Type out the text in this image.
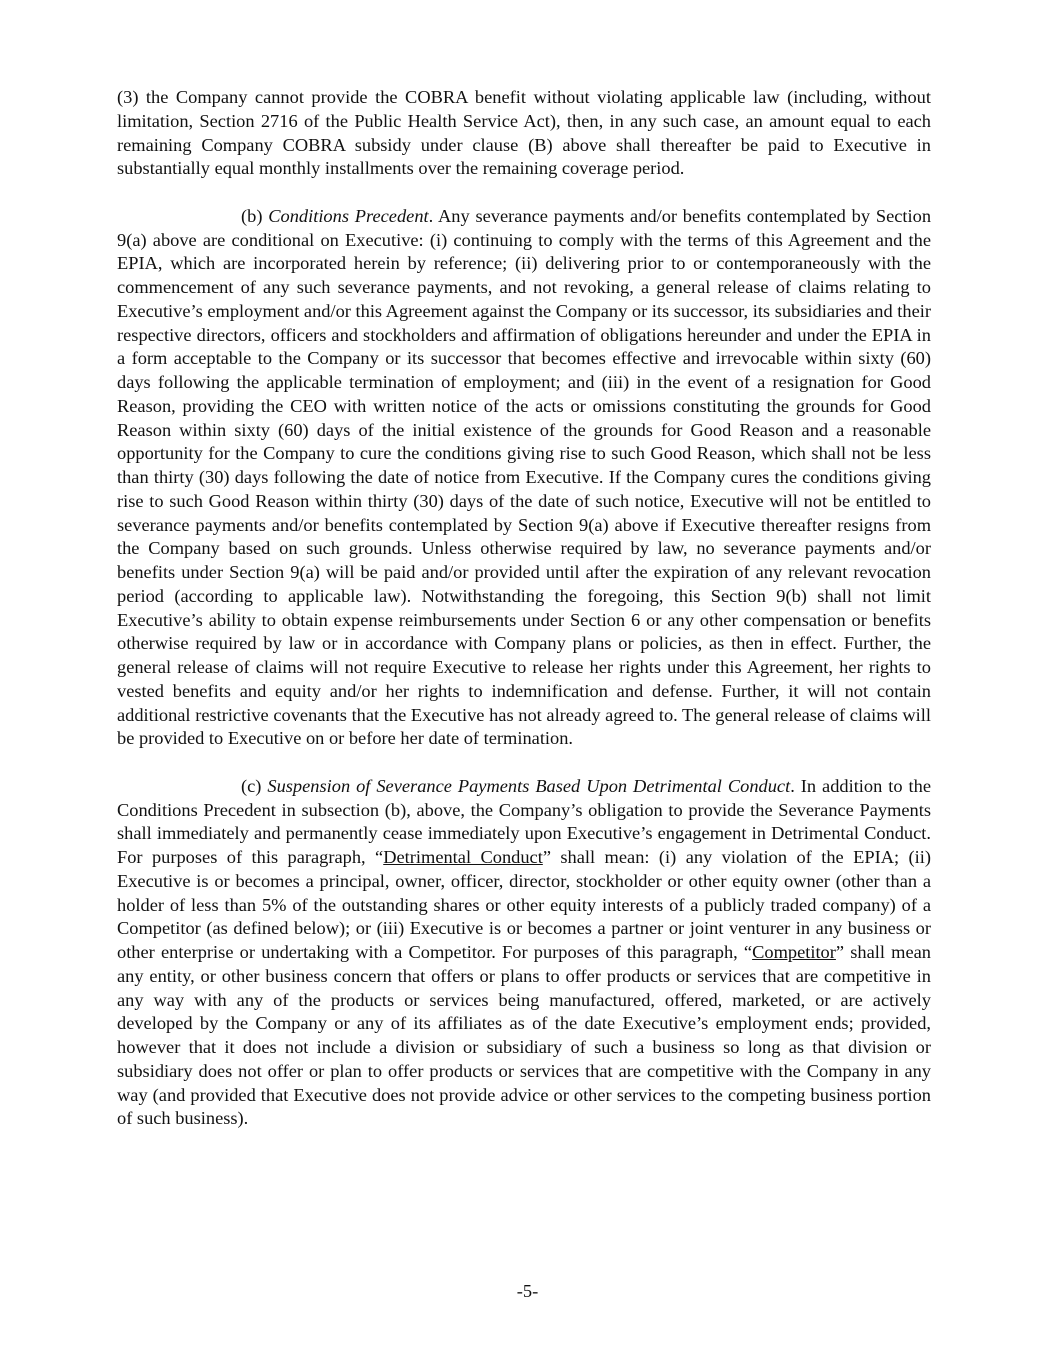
(3) the Company cannot provide the COBRA benefit without violating applicable law (including, without limitation, Section 2716 of the Public Health Service Act), then, in any such case, an amount equal to each remaining Company COBRA subsidy under clause (B) above shall thereafter be paid to Executive in substantially equal monthly installments over the remaining coverage period.

(b) Conditions Precedent. Any severance payments and/or benefits contemplated by Section 9(a) above are conditional on Executive: (i) continuing to comply with the terms of this Agreement and the EPIA, which are incorporated herein by reference; (ii) delivering prior to or contemporaneously with the commencement of any such severance payments, and not revoking, a general release of claims relating to Executive’s employment and/or this Agreement against the Company or its successor, its subsidiaries and their respective directors, officers and stockholders and affirmation of obligations hereunder and under the EPIA in a form acceptable to the Company or its successor that becomes effective and irrevocable within sixty (60) days following the applicable termination of employment; and (iii) in the event of a resignation for Good Reason, providing the CEO with written notice of the acts or omissions constituting the grounds for Good Reason within sixty (60) days of the initial existence of the grounds for Good Reason and a reasonable opportunity for the Company to cure the conditions giving rise to such Good Reason, which shall not be less than thirty (30) days following the date of notice from Executive. If the Company cures the conditions giving rise to such Good Reason within thirty (30) days of the date of such notice, Executive will not be entitled to severance payments and/or benefits contemplated by Section 9(a) above if Executive thereafter resigns from the Company based on such grounds. Unless otherwise required by law, no severance payments and/or benefits under Section 9(a) will be paid and/or provided until after the expiration of any relevant revocation period (according to applicable law). Notwithstanding the foregoing, this Section 9(b) shall not limit Executive’s ability to obtain expense reimbursements under Section 6 or any other compensation or benefits otherwise required by law or in accordance with Company plans or policies, as then in effect. Further, the general release of claims will not require Executive to release her rights under this Agreement, her rights to vested benefits and equity and/or her rights to indemnification and defense. Further, it will not contain additional restrictive covenants that the Executive has not already agreed to. The general release of claims will be provided to Executive on or before her date of termination.

(c) Suspension of Severance Payments Based Upon Detrimental Conduct. In addition to the Conditions Precedent in subsection (b), above, the Company’s obligation to provide the Severance Payments shall immediately and permanently cease immediately upon Executive’s engagement in Detrimental Conduct. For purposes of this paragraph, “Detrimental Conduct” shall mean: (i) any violation of the EPIA; (ii) Executive is or becomes a principal, owner, officer, director, stockholder or other equity owner (other than a holder of less than 5% of the outstanding shares or other equity interests of a publicly traded company) of a Competitor (as defined below); or (iii) Executive is or becomes a partner or joint venturer in any business or other enterprise or undertaking with a Competitor. For purposes of this paragraph, “Competitor” shall mean any entity, or other business concern that offers or plans to offer products or services that are competitive in any way with any of the products or services being manufactured, offered, marketed, or are actively developed by the Company or any of its affiliates as of the date Executive’s employment ends; provided, however that it does not include a division or subsidiary of such a business so long as that division or subsidiary does not offer or plan to offer products or services that are competitive with the Company in any way (and provided that Executive does not provide advice or other services to the competing business portion of such business).

-5-
